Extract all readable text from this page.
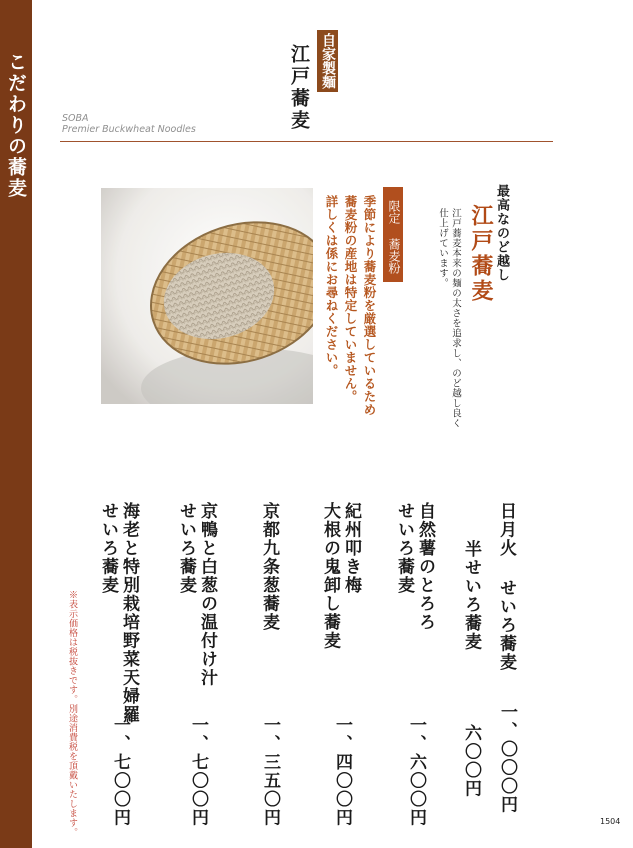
こだわりの蕎麦	自家製麺
江戸蕎麦
SOBA
Premier Buckwheat Noodles
限定 蕎麦粉
季節により蕎麦粉を厳選しているため
蕎麦粉の産地は特定していません。
詳しくは係にお尋ねください。	最高なのど越し
江戸蕎麦
江戸蕎麦本来の麺の太さを追求し、のど越し良く
仕上げています。
日月火 せいろ蕎麦
半せいろ蕎麦
一、〇〇〇円
六〇〇円
自然薯のとろろ
せいろ蕎麦
一、六〇〇円
紀州叩き梅
大根の鬼卸し蕎麦
一、四〇〇円
京都九条葱蕎麦
一、三五〇円
京鴨と白葱の温付け汁
せいろ蕎麦
一、七〇〇円
海老と特別栽培野菜天婦羅
せいろ蕎麦
一、七〇〇円
※表示価格は税抜きです。別途消費税を頂戴いたします。	1504
